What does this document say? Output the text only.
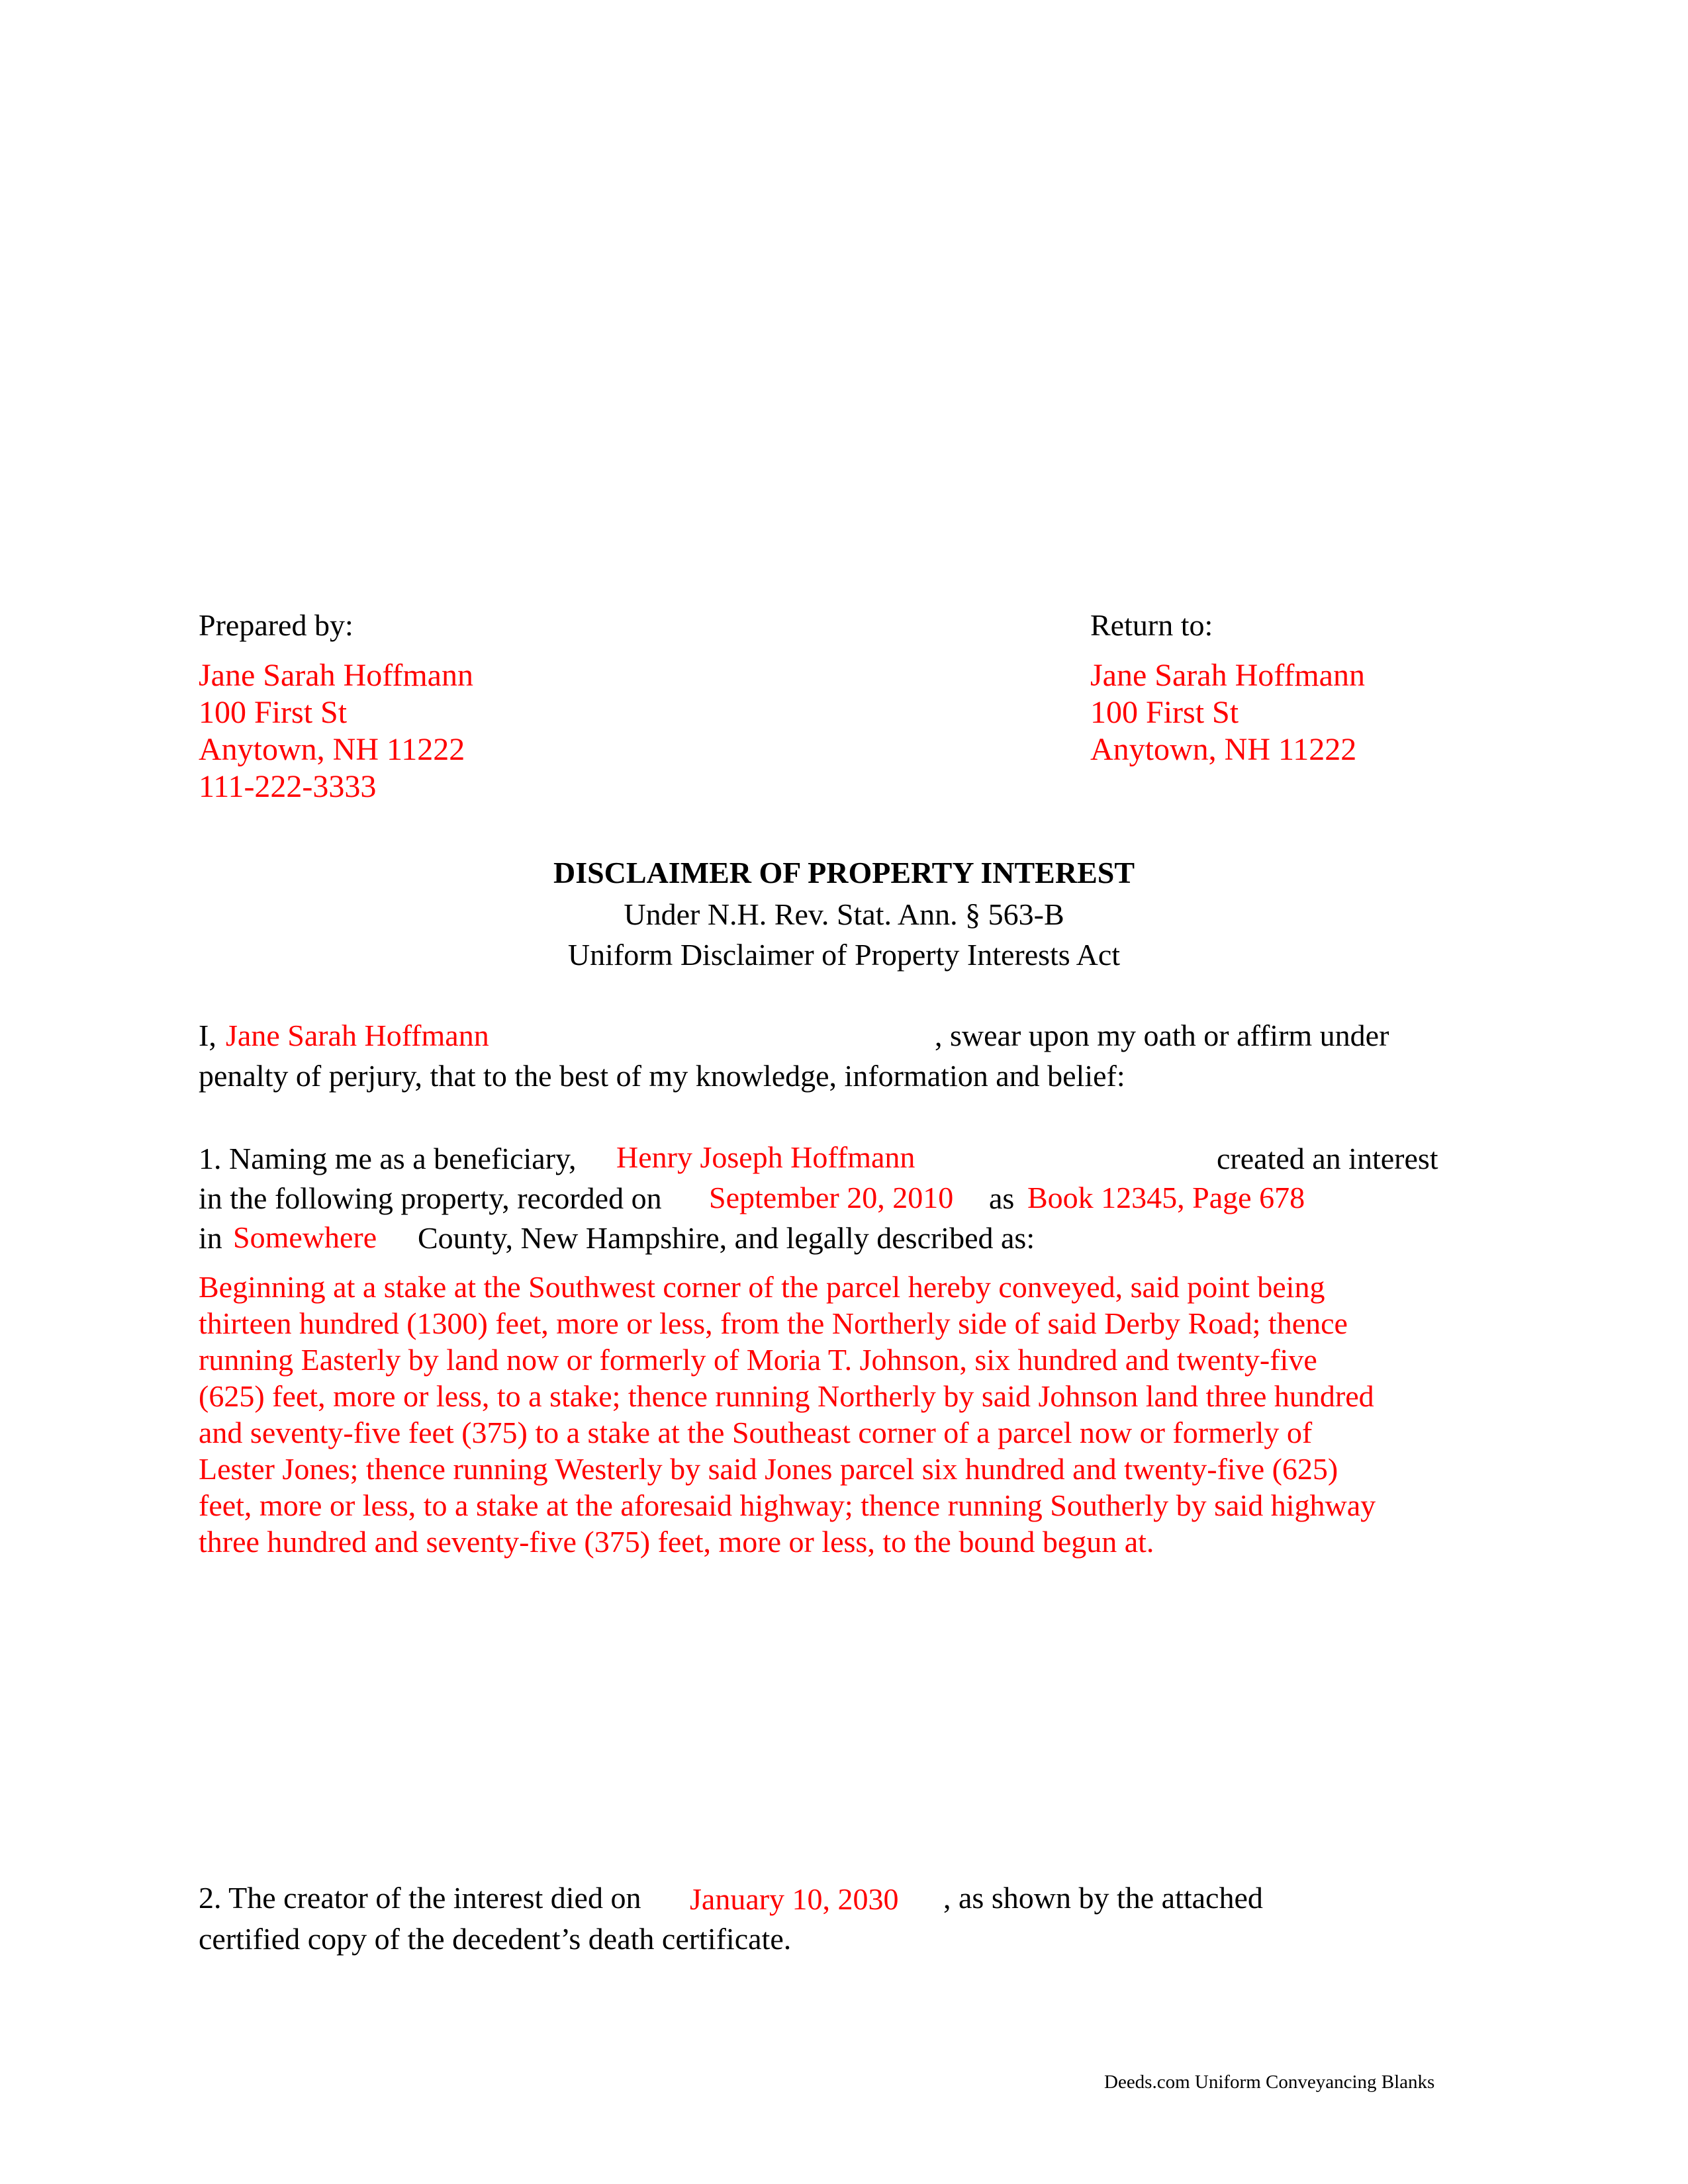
Prepared by:
Jane Sarah Hoffmann
100 First St
Anytown, NH 11222
111-222-3333
Return to:
Jane Sarah Hoffmann
100 First St
Anytown, NH 11222
DISCLAIMER OF PROPERTY INTEREST
Under N.H. Rev. Stat. Ann. § 563-B
Uniform Disclaimer of Property Interests Act
I, Jane Sarah Hoffmann	, swear upon my oath or affirm under
penalty of perjury, that to the best of my knowledge, information and belief:
1. Naming me as a beneficiary, Henry Joseph Hoffmann	created an interest
in the following property, recorded on September 20, 2010 as Book 12345, Page 678
in Somewhere County, New Hampshire, and legally described as:
Beginning at a stake at the Southwest corner of the parcel hereby conveyed, said point being
thirteen hundred (1300) feet, more or less, from the Northerly side of said Derby Road; thence
running Easterly by land now or formerly of Moria T. Johnson, six hundred and twenty-five
(625) feet, more or less, to a stake; thence running Northerly by said Johnson land three hundred
and seventy-five feet (375) to a stake at the Southeast corner of a parcel now or formerly of
Lester Jones; thence running Westerly by said Jones parcel six hundred and twenty-five (625)
feet, more or less, to a stake at the aforesaid highway; thence running Southerly by said highway
three hundred and seventy-five (375) feet, more or less, to the bound begun at.
2. The creator of the interest died on January 10, 2030 , as shown by the attached
certified copy of the decedent’s death certificate.
Deeds.com Uniform Conveyancing Blanks
